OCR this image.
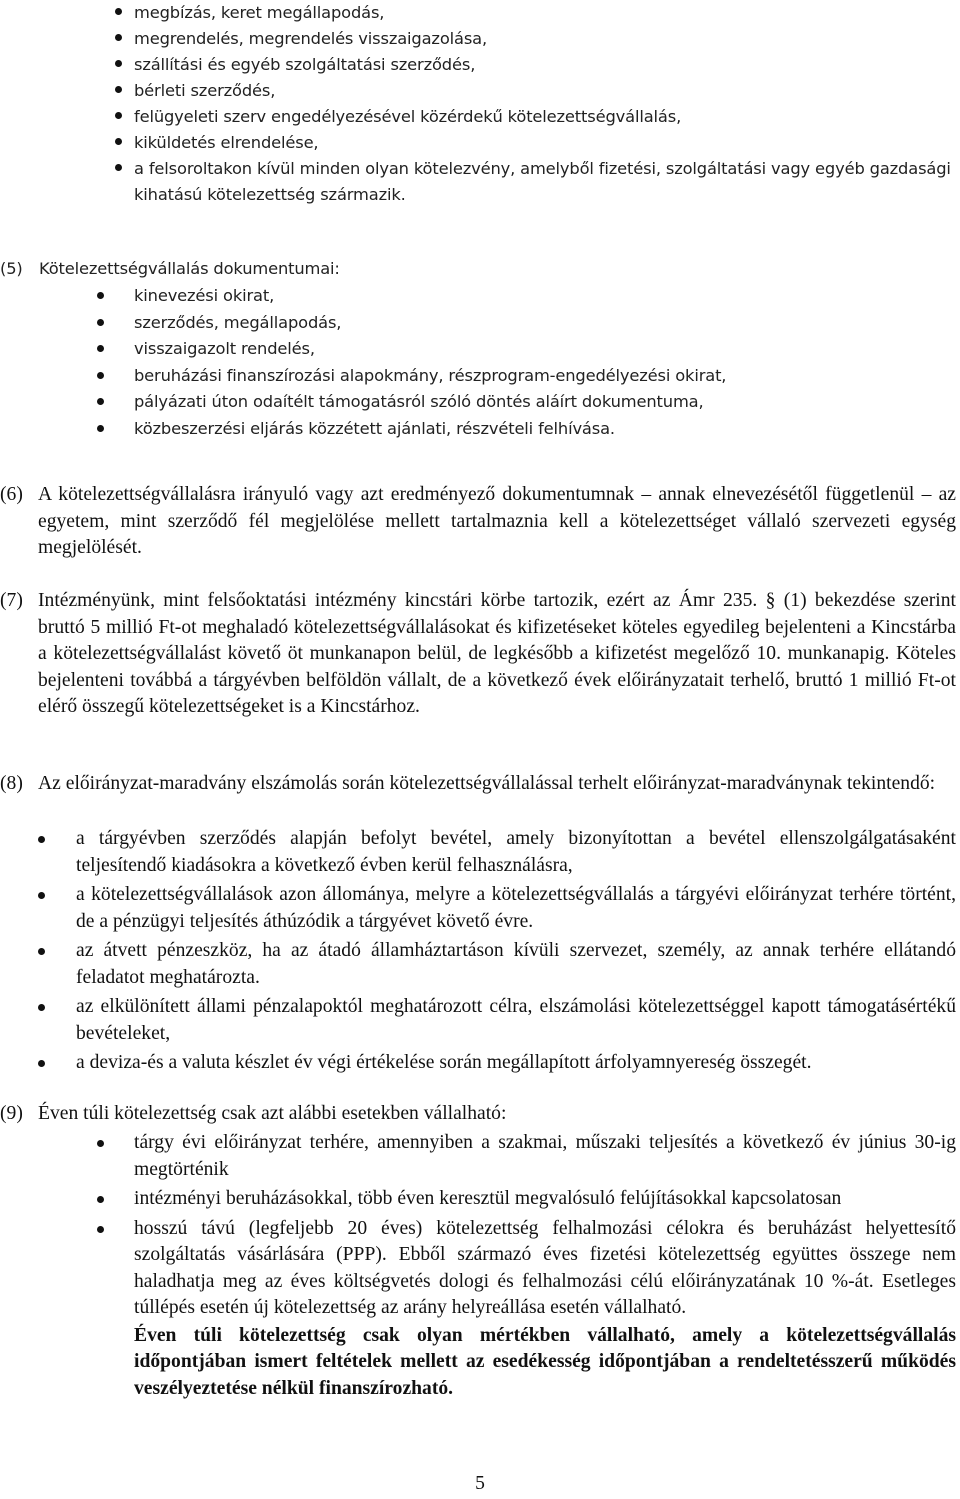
megbízás, keret megállapodás,
megrendelés, megrendelés visszaigazolása,
szállítási és egyéb szolgáltatási szerződés,
bérleti szerződés,
felügyeleti szerv engedélyezésével közérdekű kötelezettségvállalás,
kiküldetés elrendelése,
a felsoroltakon kívül minden olyan kötelezvény, amelyből fizetési, szolgáltatási vagy egyéb gazdasági kihatású kötelezettség származik.
(5) Kötelezettségvállalás dokumentumai:
kinevezési okirat,
szerződés, megállapodás,
visszaigazolt rendelés,
beruházási finanszírozási alapokmány, részprogram-engedélyezési okirat,
pályázati úton odaítélt támogatásról szóló döntés aláírt dokumentuma,
közbeszerzési eljárás közzétett ajánlati, részvételi felhívása.
(6) A kötelezettségvállalásra irányuló vagy azt eredményező dokumentumnak – annak elnevezésétől függetlenül – az egyetem, mint szerződő fél megjelölése mellett tartalmaznia kell a kötelezettséget vállaló szervezeti egység megjelölését.
(7) Intézményünk, mint felsőoktatási intézmény kincstári körbe tartozik, ezért az Ámr 235. § (1) bekezdése szerint bruttó 5 millió Ft-ot meghaladó kötelezettségvállalásokat és kifizetéseket köteles egyedileg bejelenteni a Kincstárba a kötelezettségvállalást követő öt munkanapon belül, de legkésőbb a kifizetést megelőző 10. munkanapig. Köteles bejelenteni továbbá a tárgyévben belföldön vállalt, de a következő évek előirányzatait terhelő, bruttó 1 millió Ft-ot elérő összegű kötelezettségeket is a Kincstárhoz.
(8) Az előirányzat-maradvány elszámolás során kötelezettségvállalással terhelt előirányzat-maradványnak tekintendő:
a tárgyévben szerződés alapján befolyt bevétel, amely bizonyítottan a bevétel ellenszolgálgatásaként teljesítendő kiadásokra a következő évben kerül felhasználásra,
a kötelezettségvállalások azon állománya, melyre a kötelezettségvállalás a tárgyévi előirányzat terhére történt, de a pénzügyi teljesítés áthúzódik a tárgyévet követő évre.
az átvett pénzeszköz, ha az átadó államháztartáson kívüli szervezet, személy, az annak terhére ellátandó feladatot meghatározta.
az elkülönített állami pénzalapoktól meghatározott célra, elszámolási kötelezettséggel kapott támogatásértékű bevételeket,
a deviza-és a valuta készlet év végi értékelése során megállapított árfolyamnyereség összegét.
(9) Éven túli kötelezettség csak azt alábbi esetekben vállalható:
tárgy évi előirányzat terhére, amennyiben a szakmai, műszaki teljesítés a következő év június 30-ig megtörténik
intézményi beruházásokkal, több éven keresztül megvalósuló felújításokkal kapcsolatosan
hosszú távú (legfeljebb 20 éves) kötelezettség felhalmozási célokra és beruházást helyettesítő szolgáltatás vásárlására (PPP). Ebből származó éves fizetési kötelezettség együttes összege nem haladhatja meg az éves költségvetés dologi és felhalmozási célú előirányzatának 10 %-át. Esetleges túllépés esetén új kötelezettség az arány helyreállása esetén vállalható.
Éven túli kötelezettség csak olyan mértékben vállalható, amely a kötelezettségvállalás időpontjában ismert feltételek mellett az esedékesség időpontjában a rendeltetésszerű működés veszélyeztetése nélkül finanszírozható.
5
